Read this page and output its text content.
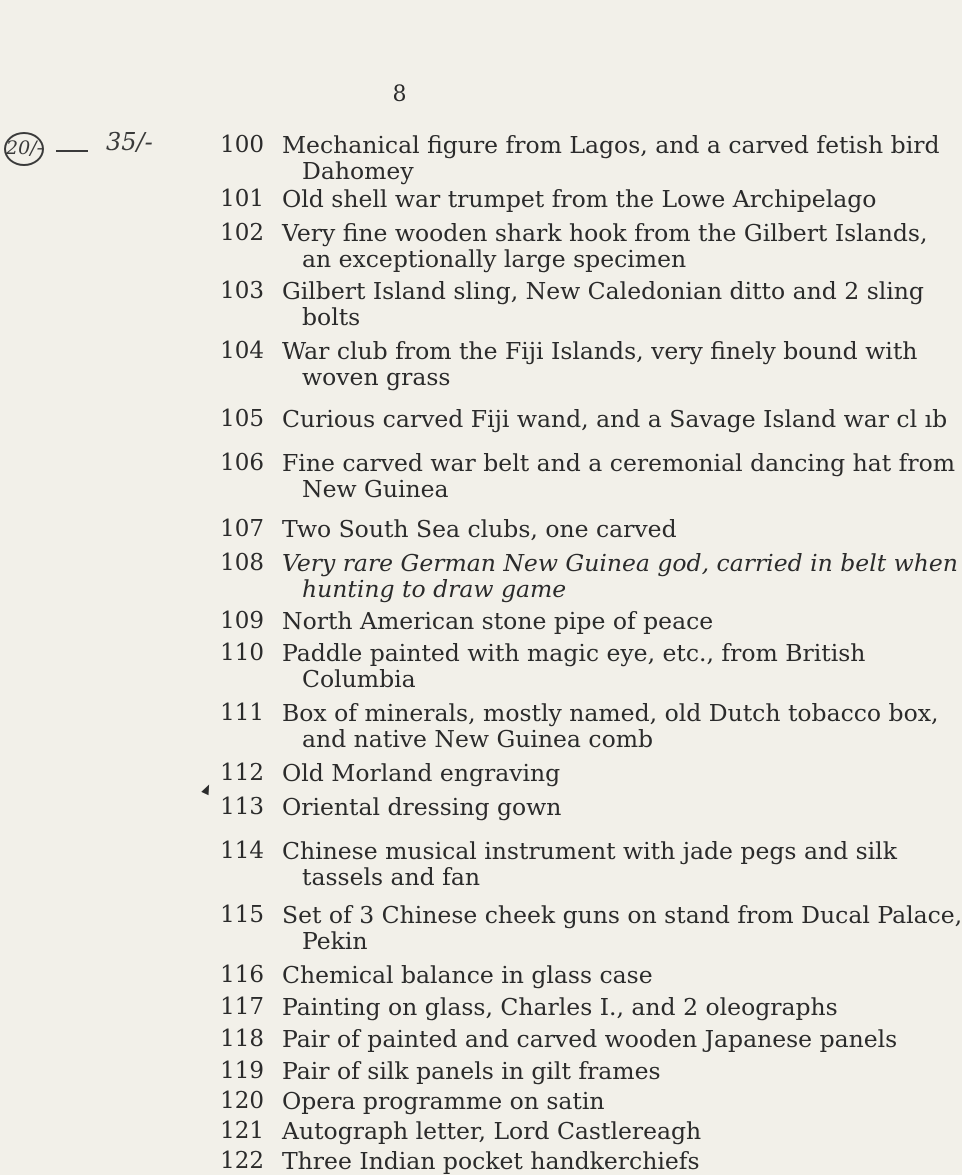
8
20/-	35/-	100 Mechanical figure from Lagos, and a carved fetish bird
Dahomey
101 Old shell war trumpet from the Lowe Archipelago
102 Very fine wooden shark hook from the Gilbert Islands,
an exceptionally large specimen
103 Gilbert Island sling, New Caledonian ditto and 2 sling
bolts
104 War club from the Fiji Islands, very finely bound with
woven grass
105 Curious carved Fiji wand, and a Savage Island war cl ıb
106 Fine carved war belt and a ceremonial dancing hat from
New Guinea
107 Two South Sea clubs, one carved
108 Very rare German New Guinea god, carried in belt when
hunting to draw game
109 North American stone pipe of peace
110 Paddle painted with magic eye, etc., from British
Columbia
111 Box of minerals, mostly named, old Dutch tobacco box,
and native New Guinea comb
112 Old Morland engraving
113 Oriental dressing gown
114 Chinese musical instrument with jade pegs and silk
tassels and fan
115 Set of 3 Chinese cheek guns on stand from Ducal Palace,
Pekin
116 Chemical balance in glass case
117 Painting on glass, Charles I., and 2 oleographs
118 Pair of painted and carved wooden Japanese panels
119 Pair of silk panels in gilt frames
120 Opera programme on satin
121 Autograph letter, Lord Castlereagh
122 Three Indian pocket handkerchiefs
